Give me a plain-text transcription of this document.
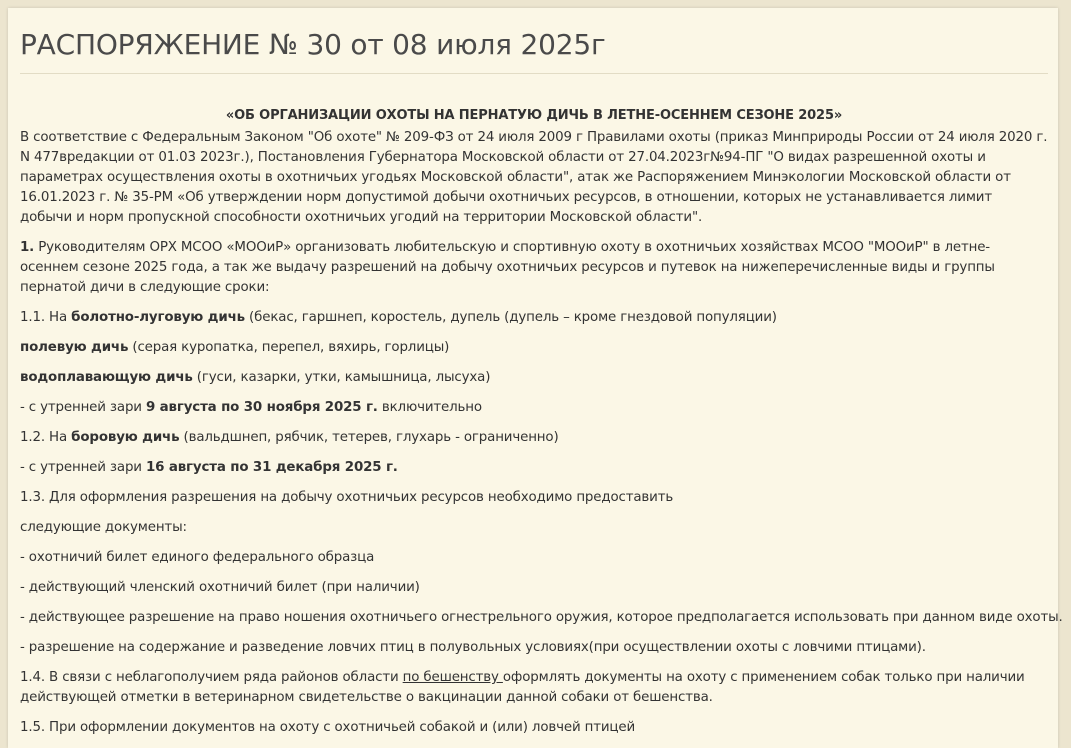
РАСПОРЯЖЕНИЕ № 30 от 08 июля 2025г

«ОБ ОРГАНИЗАЦИИ ОХОТЫ НА ПЕРНАТУЮ ДИЧЬ В ЛЕТНЕ-ОСЕННЕМ СЕЗОНЕ 2025»

В соответствие с Федеральным Законом "Об охоте" № 209-ФЗ от 24 июля 2009 г Правилами охоты (приказ Минприроды России от 24 июля 2020 г. N 477вредакции от 01.03 2023г.), Постановления Губернатора Московской области от 27.04.2023г№94-ПГ "О видах разрешенной охоты и параметрах осуществления охоты в охотничьих угодьях Московской области", атак же Распоряжением Минэкологии Московской области от 16.01.2023 г. № 35-РМ «Об утверждении норм допустимой добычи охотничьих ресурсов, в отношении, которых не устанавливается лимит добычи и норм пропускной способности охотничьих угодий на территории Московской области".

1. Руководителям ОРХ МСОО «МООиР» организовать любительскую и спортивную охоту в охотничьих хозяйствах МСОО "МООиР" в летне-осеннем сезоне 2025 года, а так же выдачу разрешений на добычу охотничьих ресурсов и путевок на нижеперечисленные виды и группы пернатой дичи в следующие сроки:

1.1. На болотно-луговую дичь (бекас, гаршнеп, коростель, дупель (дупель – кроме гнездовой популяции)

полевую дичь (серая куропатка, перепел, вяхирь, горлицы)

водоплавающую дичь (гуси, казарки, утки, камышница, лысуха)

- с утренней зари 9 августа по 30 ноября 2025 г. включительно

1.2. На боровую дичь (вальдшнеп, рябчик, тетерев, глухарь - ограниченно)

- с утренней зари 16 августа по 31 декабря 2025 г.

1.3. Для оформления разрешения на добычу охотничьих ресурсов необходимо предоставить

следующие документы:

- охотничий билет единого федерального образца

- действующий членский охотничий билет (при наличии)

- действующее разрешение на право ношения охотничьего огнестрельного оружия, которое предполагается использовать при данном виде охоты.

- разрешение на содержание и разведение ловчих птиц в полувольных условиях(при осуществлении охоты с ловчими птицами).

1.4. В связи с неблагополучием ряда районов области по бешенству оформлять документы на охоту с применением собак только при наличии действующей отметки в ветеринарном свидетельстве о вакцинации данной собаки от бешенства.

1.5. При оформлении документов на охоту с охотничьей собакой и (или) ловчей птицей
